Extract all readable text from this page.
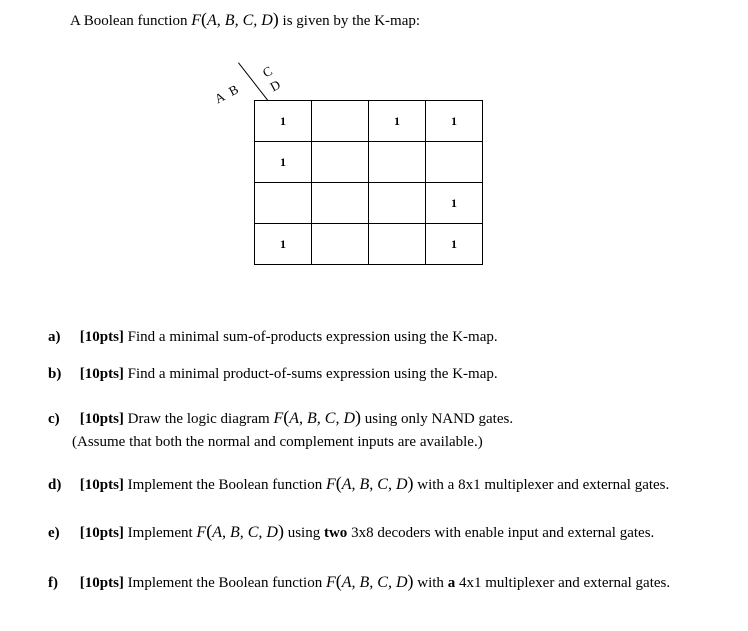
A Boolean function F(A, B, C, D) is given by the K-map:
A B
C D
1		1	1
1			
			1
1			1
a) [10pts] Find a minimal sum-of-products expression using the K-map.
b) [10pts] Find a minimal product-of-sums expression using the K-map.
c) [10pts] Draw the logic diagram F(A, B, C, D) using only NAND gates.
(Assume that both the normal and complement inputs are available.)
d) [10pts] Implement the Boolean function F(A, B, C, D) with a 8x1 multiplexer and external gates.
e) [10pts] Implement F(A, B, C, D) using two 3x8 decoders with enable input and external gates.
f) [10pts] Implement the Boolean function F(A, B, C, D) with a 4x1 multiplexer and external gates.
